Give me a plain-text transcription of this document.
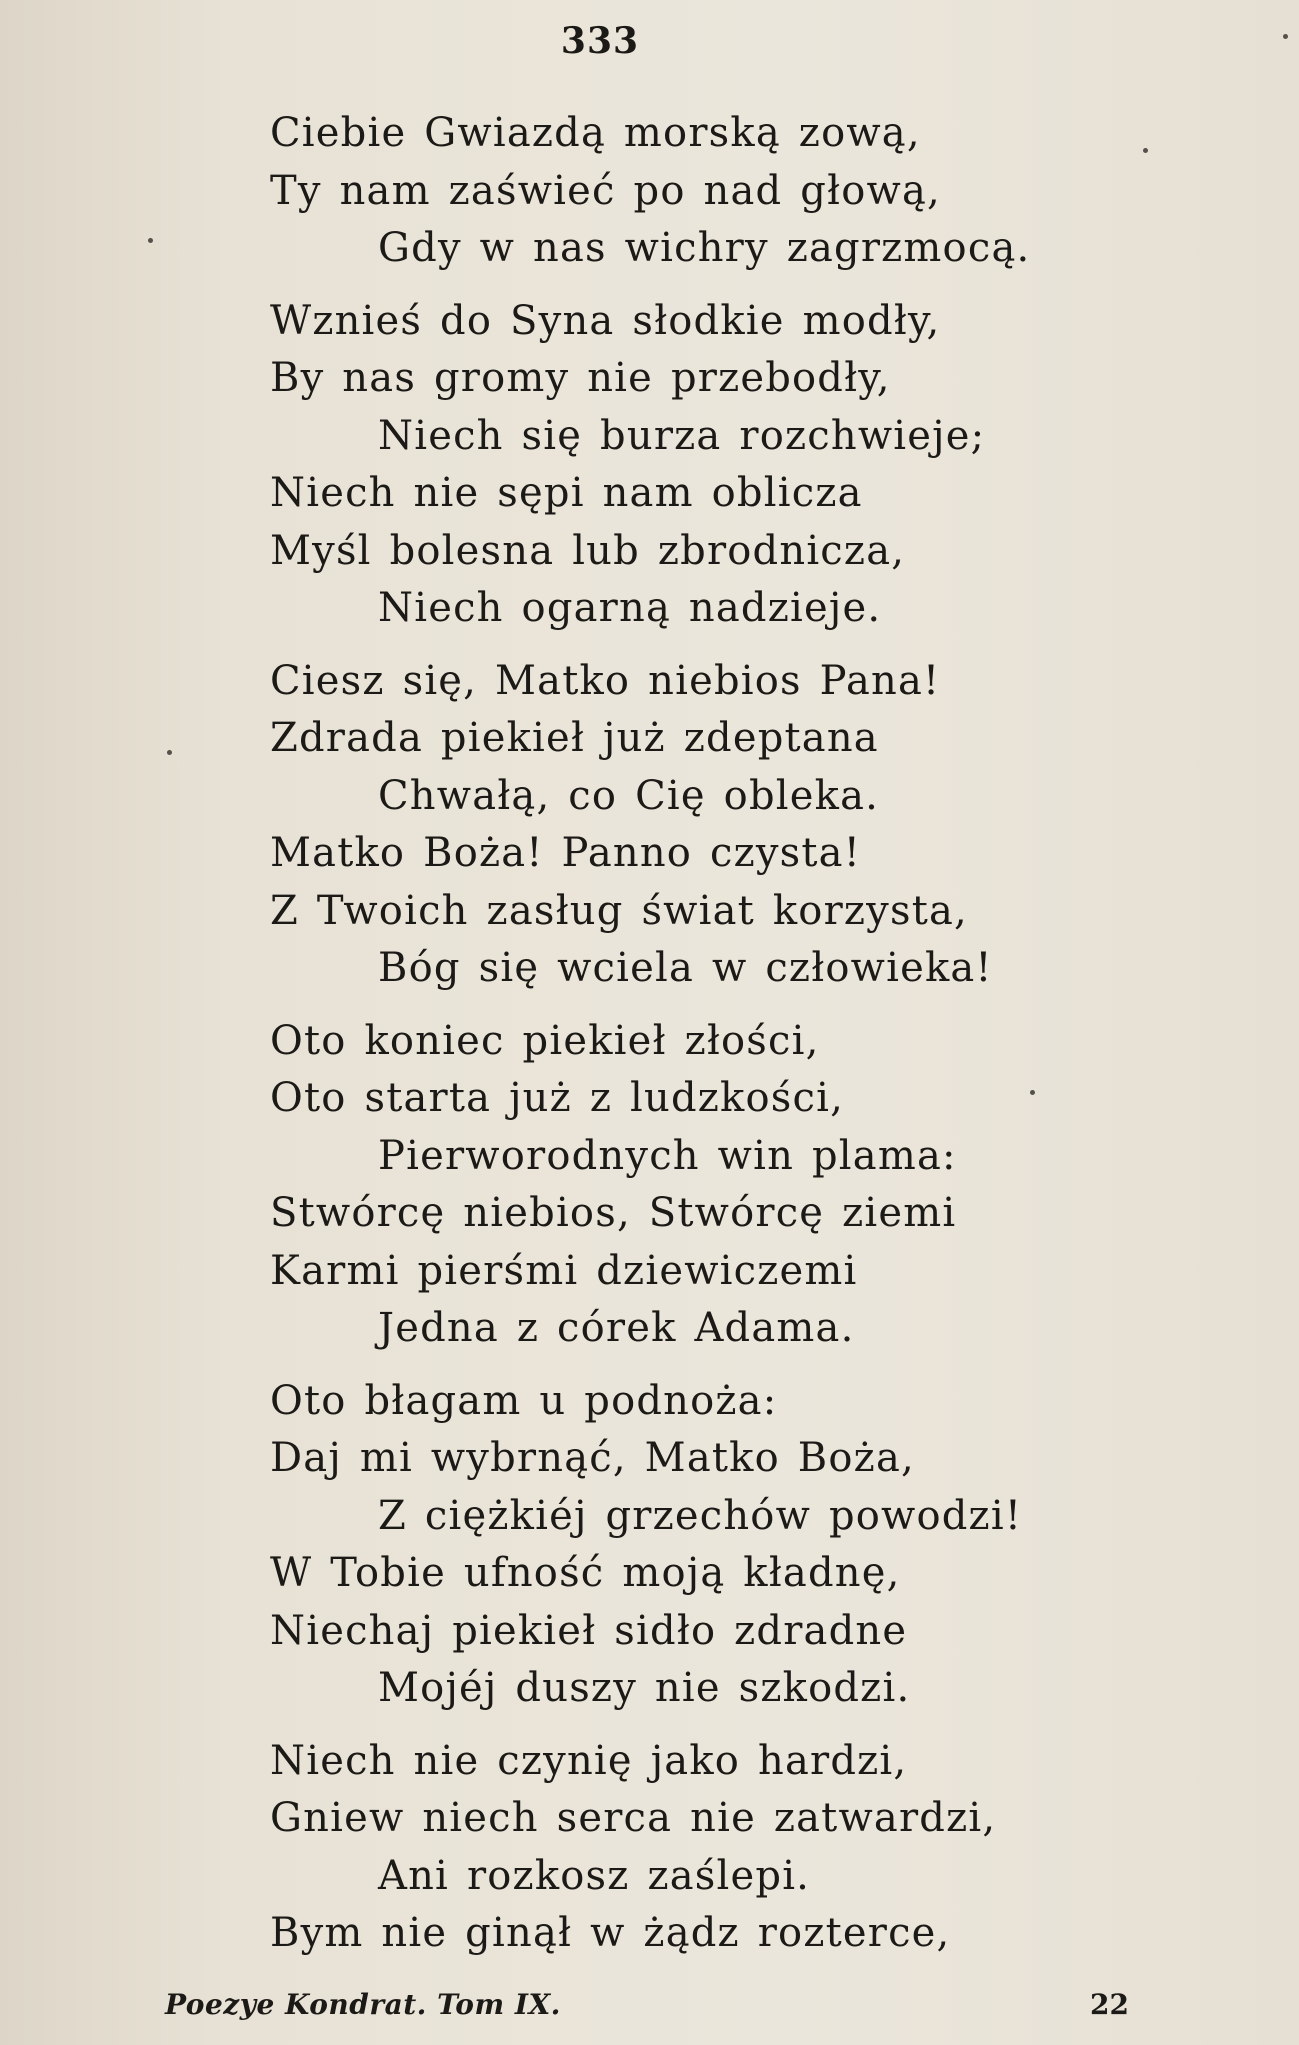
333
Ciebie Gwiazdą morską zową,
Ty nam zaświeć po nad głową,
Gdy w nas wichry zagrzmocą.
Wznieś do Syna słodkie modły,
By nas gromy nie przebodły,
Niech się burza rozchwieje;
Niech nie sępi nam oblicza
Myśl bolesna lub zbrodnicza,
Niech ogarną nadzieje.
Ciesz się, Matko niebios Pana!
Zdrada piekieł już zdeptana
Chwałą, co Cię obleka.
Matko Boża! Panno czysta!
Z Twoich zasług świat korzysta,
Bóg się wciela w człowieka!
Oto koniec piekieł złości,
Oto starta już z ludzkości,
Pierworodnych win plama:
Stwórcę niebios, Stwórcę ziemi
Karmi pierśmi dziewiczemi
Jedna z córek Adama.
Oto błagam u podnoża:
Daj mi wybrnąć, Matko Boża,
Z ciężkiéj grzechów powodzi!
W Tobie ufność moją kładnę,
Niechaj piekieł sidło zdradne
Mojéj duszy nie szkodzi.
Niech nie czynię jako hardzi,
Gniew niech serca nie zatwardzi,
Ani rozkosz zaślepi.
Bym nie ginął w żądz rozterce,
Poezye Kondrat. Tom IX.	22
